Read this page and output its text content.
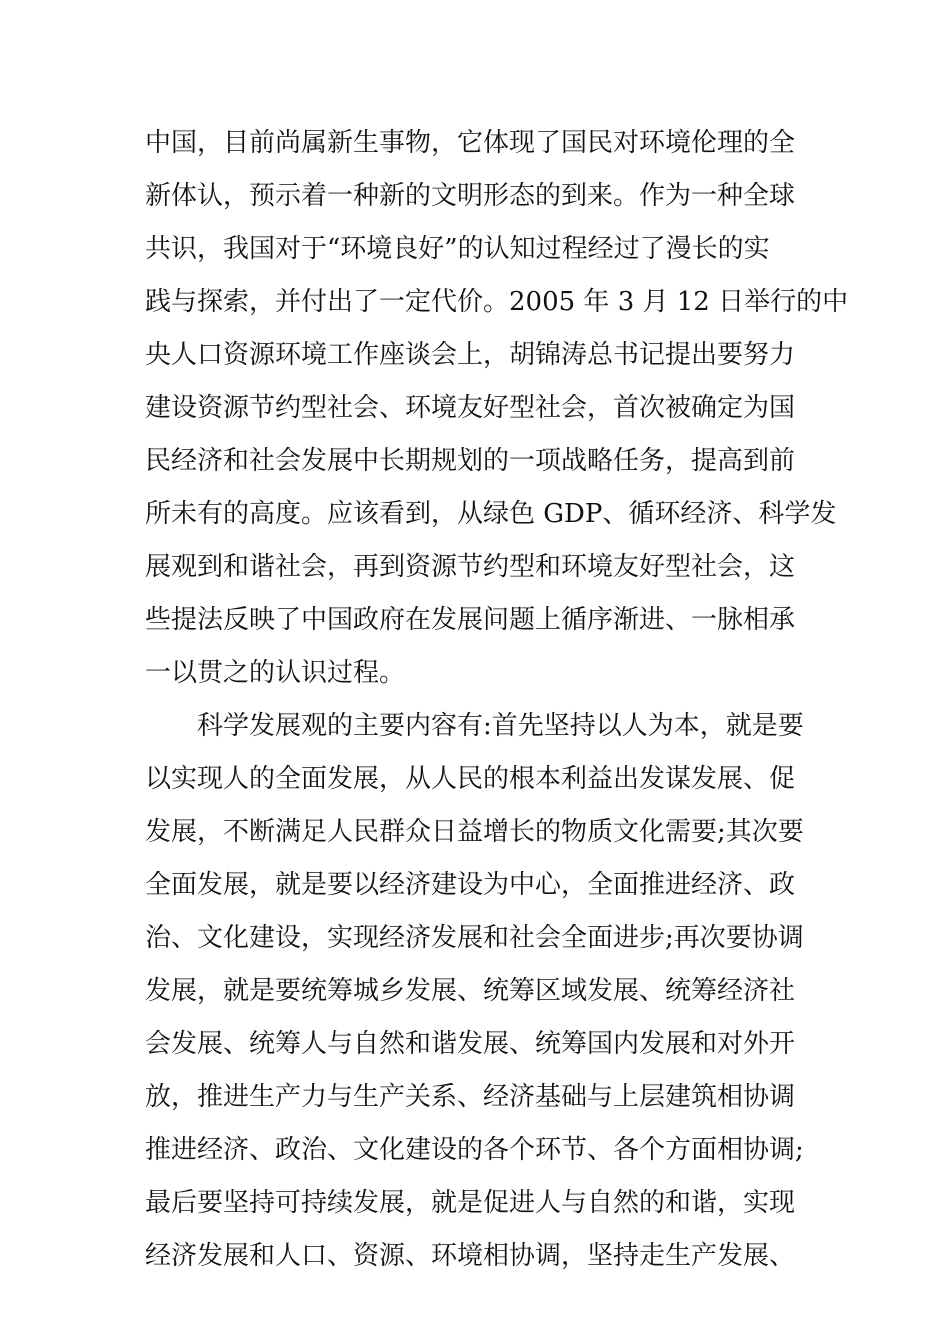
中国，目前尚属新生事物，它体现了国民对环境伦理的全
新体认，预示着一种新的文明形态的到来。作为一种全球
共识，我国对于“环境良好”的认知过程经过了漫长的实
践与探索，并付出了一定代价。2005 年 3 月 12 日举行的中
央人口资源环境工作座谈会上，胡锦涛总书记提出要努力
建设资源节约型社会、环境友好型社会，首次被确定为国
民经济和社会发展中长期规划的一项战略任务，提高到前
所未有的高度。应该看到，从绿色 GDP、循环经济、科学发
展观到和谐社会，再到资源节约型和环境友好型社会，这
些提法反映了中国政府在发展问题上循序渐进、一脉相承
一以贯之的认识过程。
科学发展观的主要内容有:首先坚持以人为本，就是要
以实现人的全面发展，从人民的根本利益出发谋发展、促
发展，不断满足人民群众日益增长的物质文化需要;其次要
全面发展，就是要以经济建设为中心，全面推进经济、政
治、文化建设，实现经济发展和社会全面进步;再次要协调
发展，就是要统筹城乡发展、统筹区域发展、统筹经济社
会发展、统筹人与自然和谐发展、统筹国内发展和对外开
放，推进生产力与生产关系、经济基础与上层建筑相协调
推进经济、政治、文化建设的各个环节、各个方面相协调;
最后要坚持可持续发展，就是促进人与自然的和谐，实现
经济发展和人口、资源、环境相协调，坚持走生产发展、
